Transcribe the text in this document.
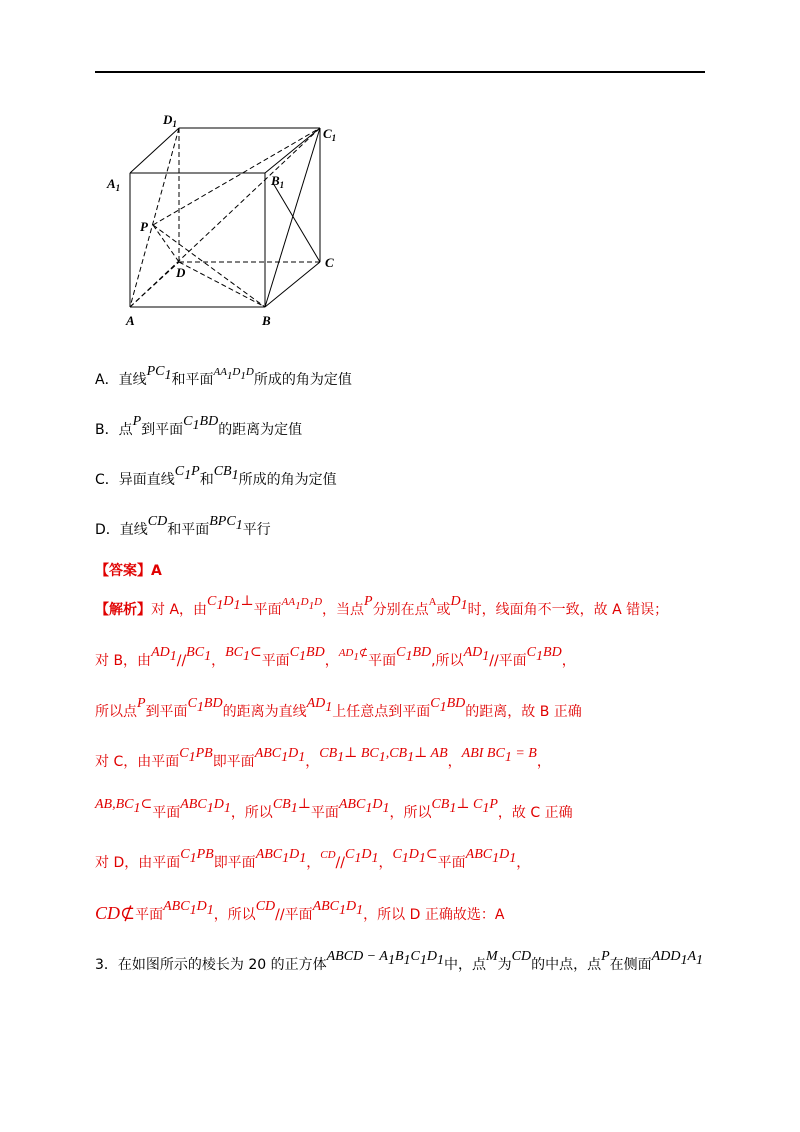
$D_1$
$C_1$
$A_1$	$B_1$
P
D
C
A	B
A．直线$PC_1$和平面$^{AA}_1^D_1^D$所成的角为定值
B．点P到平面$C_1BD$的距离为定值
C．异面直线$C_1P$和$CB_1$所成的角为定值
D．直线CD和平面$BPC_1$平行
【答案】A
【解析】对 A，由$C_1D_1\perp$平面$^{AA}_1^D_1^D$，当点P分别在点$^A$或$D_1$时，线面角不一致，故 A 错误；
对 B，由$AD_1//BC_1$，$BC_1\subset$平面$C_1BD$，$^{AD}_1$⊄平面$C_1BD$,所以$AD_1//$平面$C_1BD$，
所以点P到平面$C_1BD$的距离为直线$AD_1$上任意点到平面$C_1BD$的距离，故 B 正确
对 C，由平面$C_1PB$即平面$ABC_1D_1$，$CB_1\perp$ $BC_1,CB_1\perp$ AB，ABI $BC_1 = B$，
$AB,BC_1\subset$平面$ABC_1D_1$，所以$CB_1\perp$平面$ABC_1D_1$，所以$CB_1\perp$ $C_1P$，故 C 正确
对 D，由平面$C_1PB$即平面$ABC_1D_1$，$^{CD}//C_1D_1$，$C_1D_1\subset$平面$ABC_1D_1$，
CD⊄平面$ABC_1D_1$，所以CD//平面$ABC_1D_1$，所以 D 正确故选：A
3．在如图所示的棱长为 20 的正方体ABCD − $A_1B_1C_1D_1$中，点M为CD的中点，点P在侧面$ADD_1A_1$
